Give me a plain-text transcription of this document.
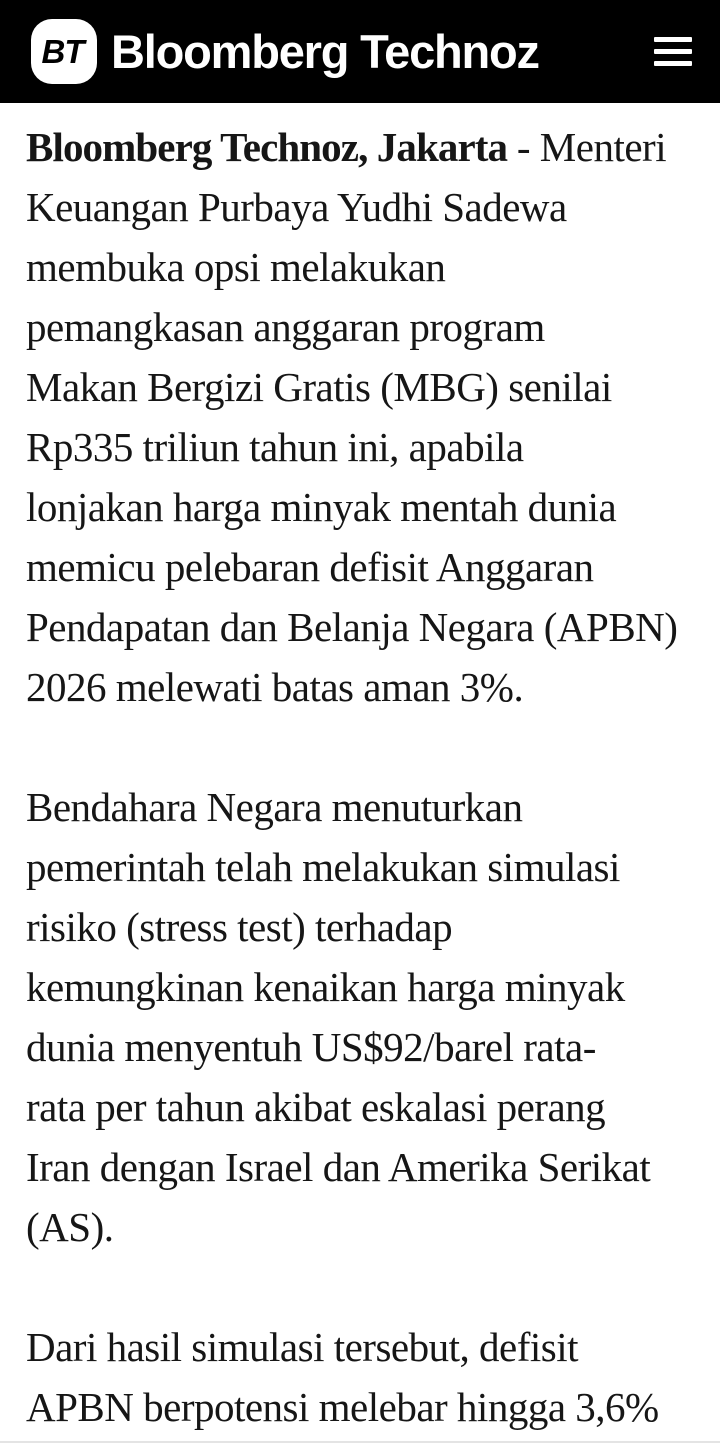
BT Bloomberg Technoz
Bloomberg Technoz, Jakarta - Menteri
Keuangan Purbaya Yudhi Sadewa
membuka opsi melakukan
pemangkasan anggaran program
Makan Bergizi Gratis (MBG) senilai
Rp335 triliun tahun ini, apabila
lonjakan harga minyak mentah dunia
memicu pelebaran defisit Anggaran
Pendapatan dan Belanja Negara (APBN)
2026 melewati batas aman 3%.
Bendahara Negara menuturkan
pemerintah telah melakukan simulasi
risiko (stress test) terhadap
kemungkinan kenaikan harga minyak
dunia menyentuh US$92/barel rata-
rata per tahun akibat eskalasi perang
Iran dengan Israel dan Amerika Serikat
(AS).
Dari hasil simulasi tersebut, defisit
APBN berpotensi melebar hingga 3,6%
